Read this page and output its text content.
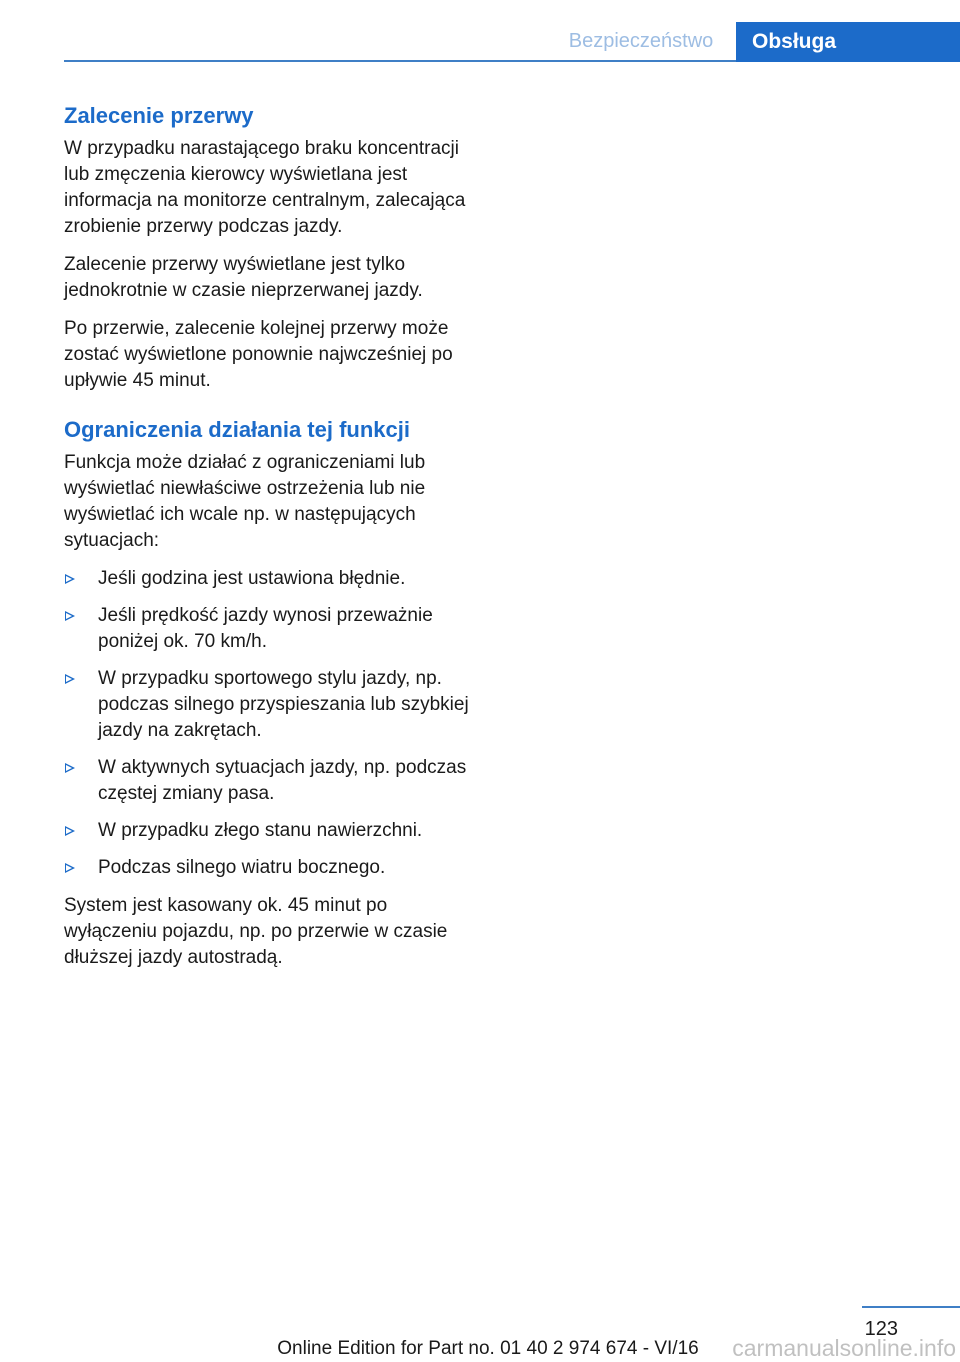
Bezpieczeństwo	Obsługa
Zalecenie przerwy

W przypadku narastającego braku koncentracji lub zmęczenia kierowcy wyświetlana jest informacja na monitorze centralnym, zalecająca zrobienie przerwy podczas jazdy.

Zalecenie przerwy wyświetlane jest tylko jednokrotnie w czasie nieprzerwanej jazdy.

Po przerwie, zalecenie kolejnej przerwy może zostać wyświetlone ponownie najwcześniej po upływie 45 minut.

Ograniczenia działania tej funkcji

Funkcja może działać z ograniczeniami lub wyświetlać niewłaściwe ostrzeżenia lub nie wyświetlać ich wcale np. w następujących sytuacjach:

Jeśli godzina jest ustawiona błędnie.
Jeśli prędkość jazdy wynosi przeważnie poniżej ok. 70 km/h.
W przypadku sportowego stylu jazdy, np. podczas silnego przyspieszania lub szybkiej jazdy na zakrętach.
W aktywnych sytuacjach jazdy, np. podczas częstej zmiany pasa.
W przypadku złego stanu nawierzchni.
Podczas silnego wiatru bocznego.

System jest kasowany ok. 45 minut po wyłączeniu pojazdu, np. po przerwie w czasie dłuższej jazdy autostradą.

123
Online Edition for Part no. 01 40 2 974 674 - VI/16	carmanualsonline.info
